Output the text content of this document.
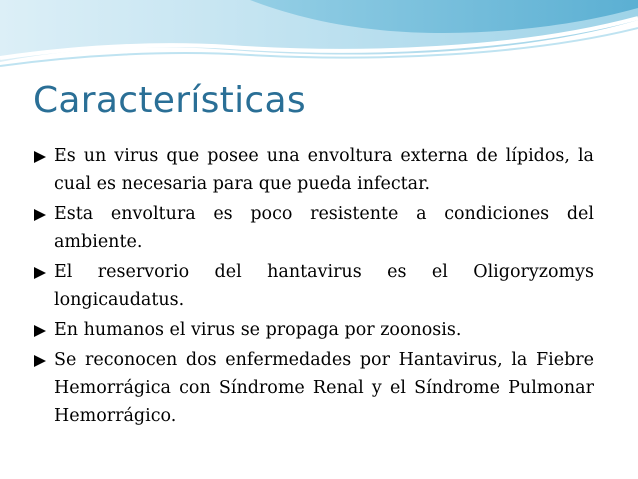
Características
Es un virus que posee una envoltura externa de lípidos, la cual es necesaria para que pueda infectar.
Esta envoltura es poco resistente a condiciones del ambiente.
El reservorio del hantavirus es el Oligoryzomys longicaudatus.
En humanos el virus se propaga por zoonosis.
Se reconocen dos enfermedades por Hantavirus, la Fiebre Hemorrágica con Síndrome Renal y el Síndrome Pulmonar Hemorrágico.
